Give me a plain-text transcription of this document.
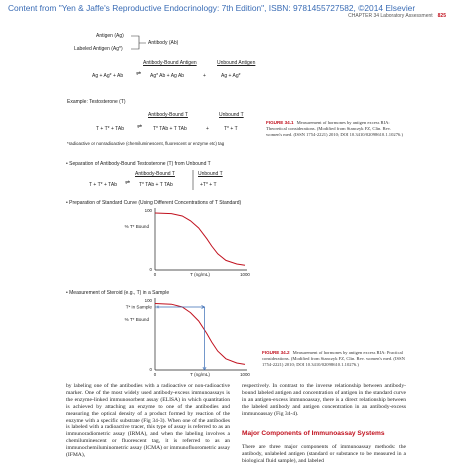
Content from "Yen & Jaffe's Reproductive Endocrinology: 7th Edition", ISBN: 9781455727582, ©2014 Elsevier
CHAPTER 34 Laboratory Assessment 825
Antigen (Ag)
Labeled Antigen (Ag*)
Antibody (Ab)
Antibody-Bound Antigen	Unbound Antigen
Ag + Ag* + Ab ⇌ Ag* Ab + Ag Ab	+	Ag + Ag*
Example: Testosterone (T)
Antibody-Bound T	Unbound T
T + T* + TAb ⇌ T* TAb + T TAb	+	T* + T
*radioactive or nonradioactive (chemiluminescent, fluorescent or enzyme etc) tag
FIGURE 34.1 Measurement of hormones by antigen excess RIA: Theoretical considerations. (Modified from Stanczyk FZ, Clin. Rev. women's med. (ISSN 1754-2221) 2010; DOI 10.3410/02098610.1.10276.)
• Separation of Antibody-Bound Testosterone (T) from Unbound T
Antibody-Bound T	Unbound T
T + T* + TAb ⇌ T* TAb + T TAb	+T* + T
• Preparation of Standard Curve (Using Different Concentrations of T Standard)
• Measurement of Steroid (e.g., T) in a Sample
100
0
0	1000
% T* Bound
T (ng/mL)
100
0
0	1000
% T* Bound
T (ng/mL)
T* in Sample X
FIGURE 34.2 Measurement of hormones by antigen excess RIA: Practical considerations. (Modified from Stanczyk FZ, Clin. Rev. women's med. (ISSN 1754-2221) 2010; DOI 10.3410/02098610.1.10276.)
by labeling one of the antibodies with a radioactive or non-radioactive marker. One of the most widely used antibody-excess immunoassays is the enzyme-linked immunosorbent assay (ELISA) in which quantitation is achieved by attaching an enzyme to one of the antibodies and measuring the optical density of a product formed by reaction of the enzyme with a specific substrate (Fig 34-3). When one of the antibodies is labeled with a radioactive tracer, this type of assay is referred to as an immunoradiometric assay (IRMA), and when the labeling involves a chemiluminescent or fluorescent tag, it is referred to as an immunochemiluminometric assay (ICMA) or immunofluorometric assay (IFMA),
respectively. In contrast to the inverse relationship between antibody-bound labeled antigen and concentration of antigen in the standard curve in an antigen-excess immunoassay, there is a direct relationship between the labeled antibody and antigen concentration in an antibody-excess immunoassay (Fig 34-4).
Major Components of Immunoassay Systems
There are three major components of immunoassay methods: the antibody, unlabeled antigen (standard or substance to be measured in a biological fluid sample), and labeled
